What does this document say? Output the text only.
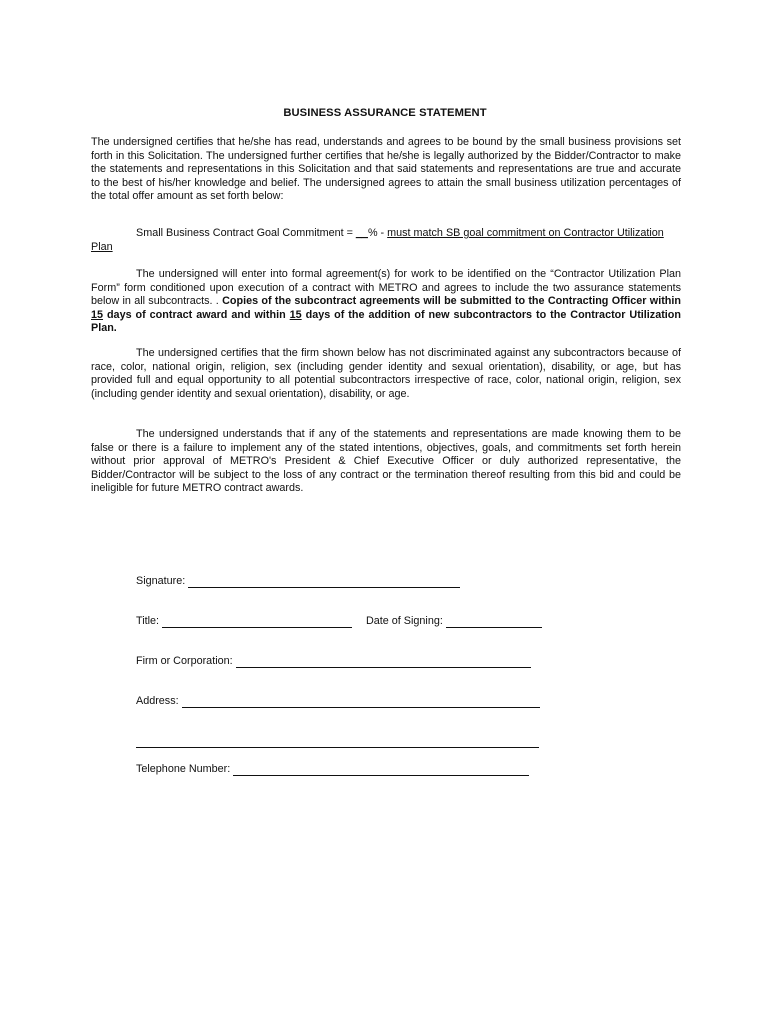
BUSINESS ASSURANCE STATEMENT

The undersigned certifies that he/she has read, understands and agrees to be bound by the small business provisions set forth in this Solicitation. The undersigned further certifies that he/she is legally authorized by the Bidder/Contractor to make the statements and representations in this Solicitation and that said statements and representations are true and accurate to the best of his/her knowledge and belief. The undersigned agrees to attain the small business utilization percentages of the total offer amount as set forth below:

Small Business Contract Goal Commitment = __% - must match SB goal commitment on Contractor Utilization Plan

The undersigned will enter into formal agreement(s) for work to be identified on the “Contractor Utilization Plan Form” form conditioned upon execution of a contract with METRO and agrees to include the two assurance statements below in all subcontracts. . Copies of the subcontract agreements will be submitted to the Contracting Officer within 15 days of contract award and within 15 days of the addition of new subcontractors to the Contractor Utilization Plan.

The undersigned certifies that the firm shown below has not discriminated against any subcontractors because of race, color, national origin, religion, sex (including gender identity and sexual orientation), disability, or age, but has provided full and equal opportunity to all potential subcontractors irrespective of race, color, national origin, religion, sex (including gender identity and sexual orientation), disability, or age.

The undersigned understands that if any of the statements and representations are made knowing them to be false or there is a failure to implement any of the stated intentions, objectives, goals, and commitments set forth herein without prior approval of METRO's President & Chief Executive Officer or duly authorized representative, the Bidder/Contractor will be subject to the loss of any contract or the termination thereof resulting from this bid and could be ineligible for future METRO contract awards.

Signature:
Title:	Date of Signing:
Firm or Corporation:
Address:
Telephone Number:
